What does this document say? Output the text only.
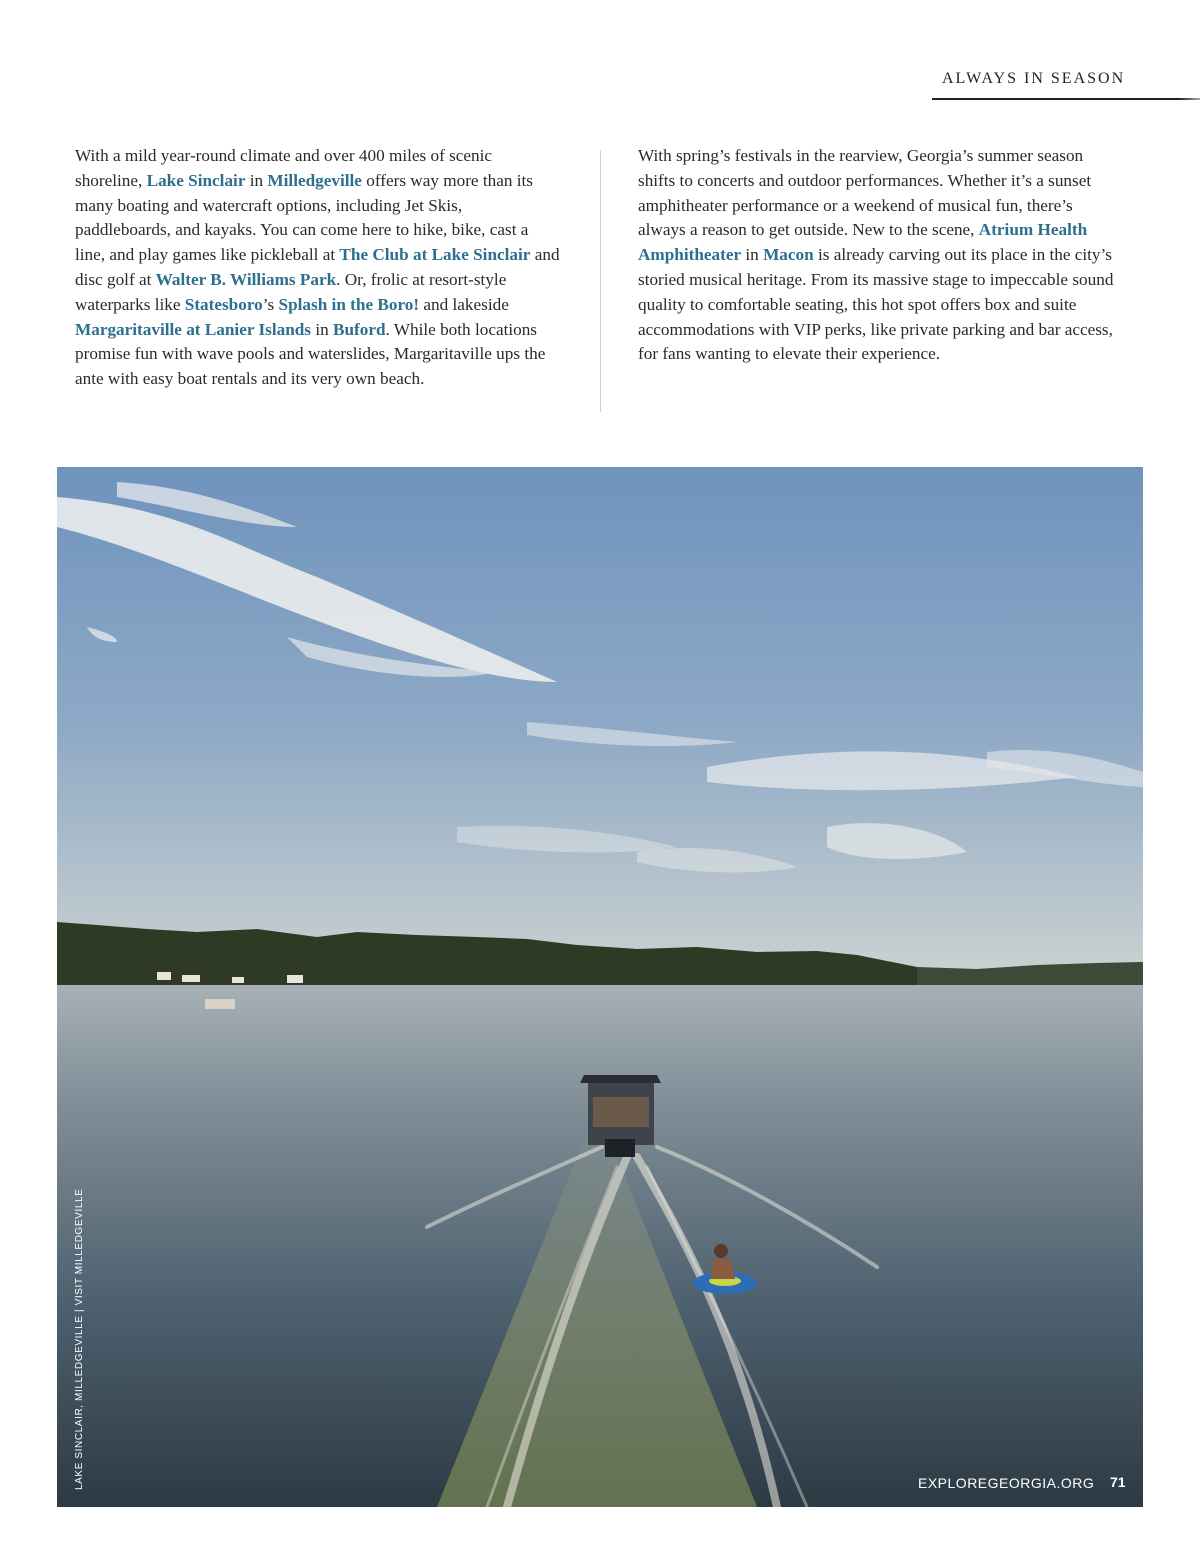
ALWAYS IN SEASON
With a mild year-round climate and over 400 miles of scenic shoreline, Lake Sinclair in Milledgeville offers way more than its many boating and watercraft options, including Jet Skis, paddleboards, and kayaks. You can come here to hike, bike, cast a line, and play games like pickleball at The Club at Lake Sinclair and disc golf at Walter B. Williams Park. Or, frolic at resort-style waterparks like Statesboro’s Splash in the Boro! and lakeside Margaritaville at Lanier Islands in Buford. While both locations promise fun with wave pools and waterslides, Margaritaville ups the ante with easy boat rentals and its very own beach.
With spring’s festivals in the rearview, Georgia’s summer season shifts to concerts and outdoor performances. Whether it’s a sunset amphitheater performance or a weekend of musical fun, there’s always a reason to get outside. New to the scene, Atrium Health Amphitheater in Macon is already carving out its place in the city’s storied musical heritage. From its massive stage to impeccable sound quality to comfortable seating, this hot spot offers box and suite accommodations with VIP perks, like private parking and bar access, for fans wanting to elevate their experience.
LAKE SINCLAIR, MILLEDGEVILLE | VISIT MILLEDGEVILLE	EXPLOREGEORGIA.ORG 71
